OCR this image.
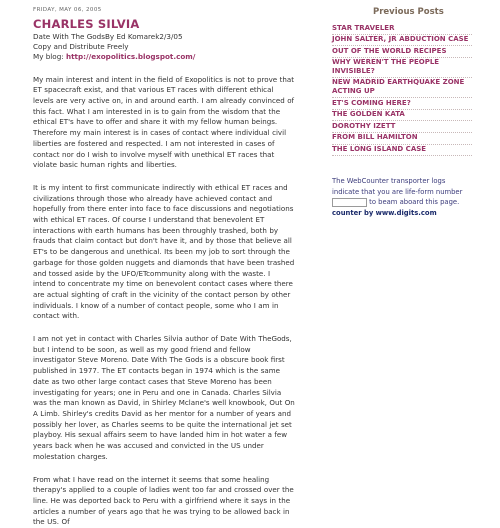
FRIDAY, MAY 06, 2005
CHARLES SILVIA
Date With The GodsBy Ed Komarek2/3/05
Copy and Distribute Freely
My blog: http://exopolitics.blogspot.com/

My main interest and intent in the field of Exopolitics is not to prove that ET spacecraft exist, and that various ET races with different ethical levels are very active on, in and around earth. I am already convinced of this fact. What I am interested in is to gain from the wisdom that the ethical ET's have to offer and share it with my fellow human beings. Therefore my main interest is in cases of contact where individual civil liberties are fostered and respected. I am not interested in cases of contact nor do I wish to involve myself with unethical ET races that violate basic human rights and liberties.

It is my intent to first communicate indirectly with ethical ET races and civilizations through those who already have achieved contact and hopefully from there enter into face to face discussions and negotiations with ethical ET races. Of course I understand that benevolent ET interactions with earth humans has been throughly trashed, both by frauds that claim contact but don't have it, and by those that believe all ET's to be dangerous and unethical. Its been my job to sort through the garbage for those golden nuggets and diamonds that have been trashed and tossed aside by the UFO/ETcommunity along with the waste. I intend to concentrate my time on benevolent contact cases where there are actual sighting of craft in the vicinity of the contact person by other individuals. I know of a number of contact people, some who I am in contact with.

I am not yet in contact with Charles Silvia author of Date With TheGods, but I intend to be soon, as well as my good friend and fellow investigator Steve Moreno. Date With The Gods is a obscure book first published in 1977. The ET contacts began in 1974 which is the same date as two other large contact cases that Steve Moreno has been investigating for years; one in Peru and one in Canada. Charles Silvia was the man known as David, in Shirley Mclane's well knowbook, Out On A Limb. Shirley's credits David as her mentor for a number of years and possibly her lover, as Charles seems to be quite the international jet set playboy. His sexual affairs seem to have landed him in hot water a few years back when he was accused and convicted in the US under molestation charges.

From what I have read on the internet it seems that some healing therapy's applied to a couple of ladies went too far and crossed over the line. He was deported back to Peru with a girlfriend where it says in the articles a number of years ago that he was trying to be allowed back in the US. Of

Previous Posts
STAR TRAVELER
JOHN SALTER, JR ABDUCTION CASE
OUT OF THE WORLD RECIPES
WHY WEREN'T THE PEOPLE INVISIBLE?
NEW MADRID EARTHQUAKE ZONE ACTING UP
ET'S COMING HERE?
THE GOLDEN KATA
DOROTHY IZETT
FROM BILL HAMILTON
THE LONG ISLAND CASE
The WebCounter transporter logs indicate that you are life-form number  to beam aboard this page.
counter by www.digits.com
